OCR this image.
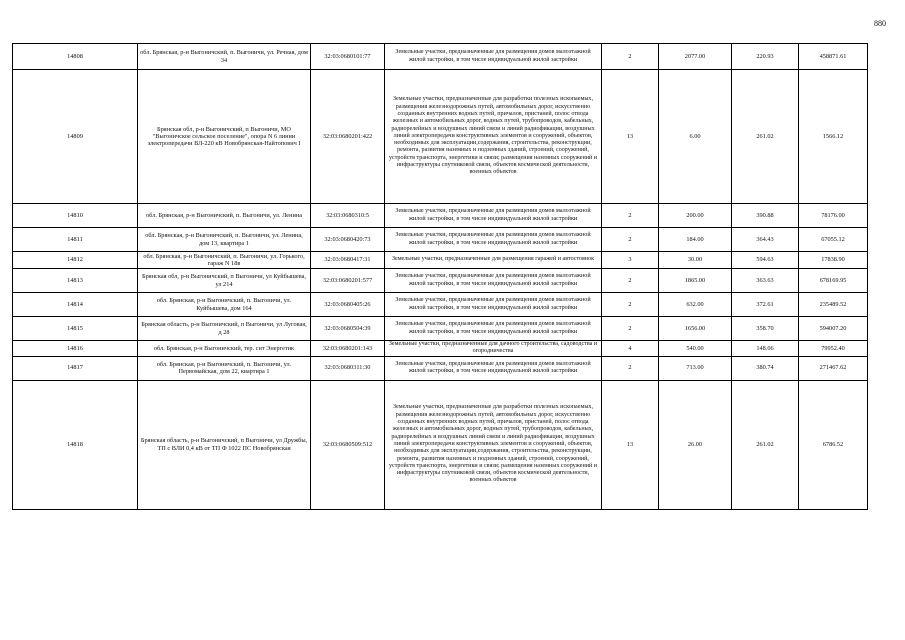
880
14808	обл. Брянская, р-н Выгоничский, п. Выгоничи, ул. Речная, дом 34	32:03:0680101:77	Земельные участки, предназначенные для размещения домов малоэтажной жилой застройки, в том числе индивидуальной жилой застройки	2	2077.00	220.93	458871.61
14809	Брянская обл, р-н Выгоничский, п Выгоничи, МО "Выгоничское сельское поселение", опора N 6 линии электропередачи ВЛ-220 кВ Новобрянская-Найтопович I	32:03:0680201:422	Земельные участки, предназначенные для разработки полезных ископаемых, размещения железнодорожных путей, автомобильных дорог, искусственно созданных внутренних водных путей, причалов, пристаней, полос отвода железных и автомобильных дорог, водных путей, трубопроводов, кабельных, радиорелейных и воздушных линий связи и линий радиофикации, воздушных линий электропередачи конструктивных элементов и сооружений, объектов, необходимых для эксплуатации,содержания, строительства, реконструкции, ремонта, развития наземных и подземных зданий, строений, сооружений, устройств транспорта, энергетики и связи; размещения наземных сооружений и инфраструктуры спутниковой связи, объектов космической деятельности, военных объектов	13	6.00	261.02	1566.12
14810	обл. Брянская, р-н Выгоничский, п. Выгоничи, ул. Ленина	32:03:0680310:5	Земельные участки, предназначенные для размещения домов малоэтажной жилой застройки, в том числе индивидуальной жилой застройки	2	200.00	390.88	78176.00
14811	обл. Брянская, р-н Выгоничский, п. Выгоничи, ул. Ленина, дом 13, квартира 1	32:03:0680420:73	Земельные участки, предназначенные для размещения домов малоэтажной жилой застройки, в том числе индивидуальной жилой застройки	2	184.00	364.43	67055.12
14812	обл. Брянская, р-н Выгоничский, п. Выгоничи, ул. Горького, гараж N 18в	32:03:0680417:31	Земельные участки, предназначенные для размещения гаражей и автостоянок	3	30.00	594.63	17838.90
14813	Брянская обл, р-н Выгоничский, п Выгоничи, ул Куйбышева, ул 214	32:03:0680201:577	Земельные участки, предназначенные для размещения домов малоэтажной жилой застройки, в том числе индивидуальной жилой застройки	2	1865.00	363.63	678169.95
14814	обл. Брянская, р-н Выгоничский, п. Выгоничи, ул. Куйбышева, дом 164	32:03:0680405:26	Земельные участки, предназначенные для размещения домов малоэтажной жилой застройки, в том числе индивидуальной жилой застройки	2	632.00	372.61	235489.52
14815	Брянская область, р-н Выгоничский, п Выгоничи, ул Луговая, д 28	32:03:0680504:39	Земельные участки, предназначенные для размещения домов малоэтажной жилой застройки, в том числе индивидуальной жилой застройки	2	1656.00	358.70	594007.20
14816	обл. Брянская, р-н Выгоничский, тер. снт Энергетик	32:03:0680201:143	Земельные участки, предназначенные для дачного строительства, садоводства и огородничества	4	540.00	148.06	79952.40
14817	обл. Брянская, р-н Выгоничский, п. Выгоничи, ул. Первомайская, дом 22, квартира 1	32:03:0680311:30	Земельные участки, предназначенные для размещения домов малоэтажной жилой застройки, в том числе индивидуальной жилой застройки	2	713.00	380.74	271467.62
14818	Брянская область, р-н Выгоничский, п Выгоничи, ул Дружбы, ТП с ВЛИ 0,4 кВ от ТП Ф 1022 ПС Новобрянская	32:03:0680509:512	Земельные участки, предназначенные для разработки полезных ископаемых, размещения железнодорожных путей, автомобильных дорог, искусственно созданных внутренних водных путей, причалов, пристаней, полос отвода железных и автомобильных дорог, водных путей, трубопроводов, кабельных, радиорелейных и воздушных линий связи и линий радиофикации, воздушных линий электропередачи конструктивных элементов и сооружений, объектов, необходимых для эксплуатации,содержания, строительства, реконструкции, ремонта, развития наземных и подземных зданий, строений, сооружений, устройств транспорта, энергетики и связи; размещения наземных сооружений и инфраструктуры спутниковой связи, объектов космической деятельности, военных объектов	13	26.00	261.02	6786.52
